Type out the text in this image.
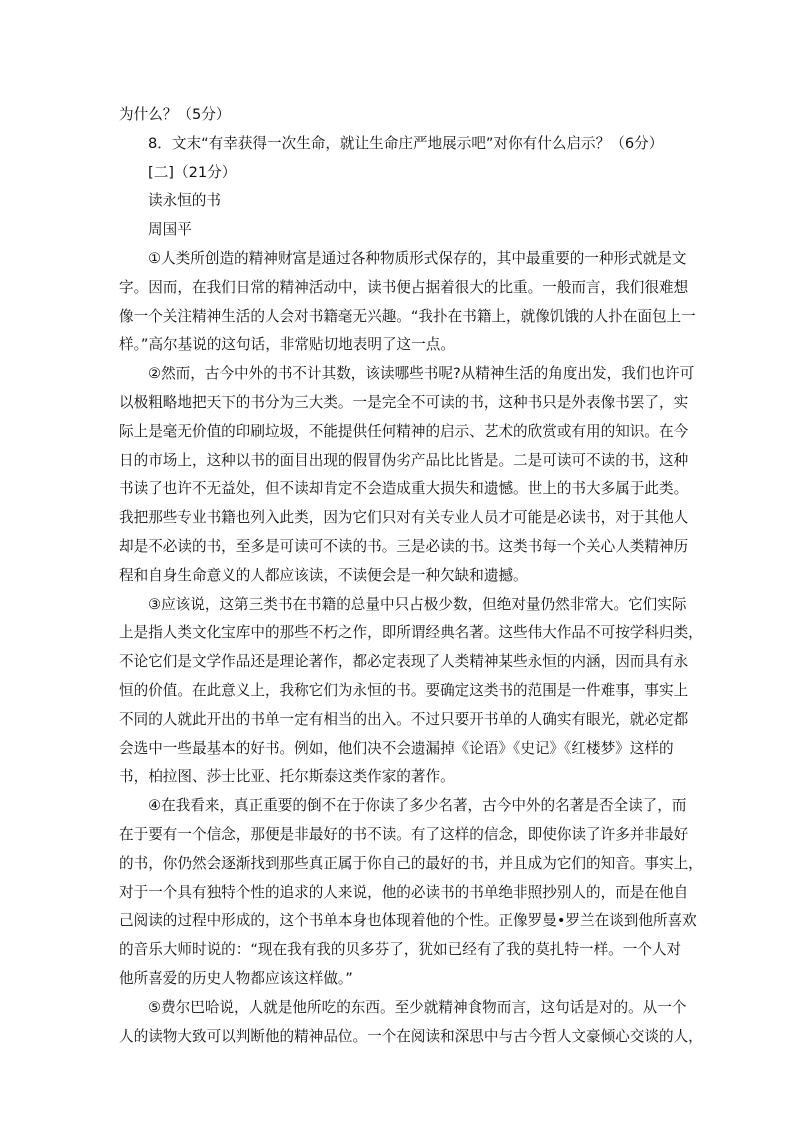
为什么？（5分）
8．文末“有幸获得一次生命，就让生命庄严地展示吧”对你有什么启示？（6分）
[二]（21分）
读永恒的书
周国平
①人类所创造的精神财富是通过各种物质形式保存的，其中最重要的一种形式就是文
字。因而，在我们日常的精神活动中，读书便占据着很大的比重。一般而言，我们很难想
像一个关注精神生活的人会对书籍毫无兴趣。“我扑在书籍上，就像饥饿的人扑在面包上一
样。”高尔基说的这句话，非常贴切地表明了这一点。
②然而，古今中外的书不计其数，该读哪些书呢?从精神生活的角度出发，我们也许可
以极粗略地把天下的书分为三大类。一是完全不可读的书，这种书只是外表像书罢了，实
际上是毫无价值的印刷垃圾，不能提供任何精神的启示、艺术的欣赏或有用的知识。在今
日的市场上，这种以书的面目出现的假冒伪劣产品比比皆是。二是可读可不读的书，这种
书读了也许不无益处，但不读却肯定不会造成重大损失和遗憾。世上的书大多属于此类。
我把那些专业书籍也列入此类，因为它们只对有关专业人员才可能是必读书，对于其他人
却是不必读的书，至多是可读可不读的书。三是必读的书。这类书每一个关心人类精神历
程和自身生命意义的人都应该读，不读便会是一种欠缺和遗撼。
③应该说，这第三类书在书籍的总量中只占极少数，但绝对量仍然非常大。它们实际
上是指人类文化宝库中的那些不朽之作，即所谓经典名著。这些伟大作品不可按学科归类，
不论它们是文学作品还是理论著作，都必定表现了人类精神某些永恒的内涵，因而具有永
恒的价值。在此意义上，我称它们为永恒的书。要确定这类书的范围是一件难事，事实上
不同的人就此开出的书单一定有相当的出入。不过只要开书单的人确实有眼光，就必定都
会选中一些最基本的好书。例如，他们决不会遗漏掉《论语》《史记》《红楼梦》这样的
书，柏拉图、莎士比亚、托尔斯泰这类作家的著作。
④在我看来，真正重要的倒不在于你读了多少名著，古今中外的名著是否全读了，而
在于要有一个信念，那便是非最好的书不读。有了这样的信念，即使你读了许多并非最好
的书，你仍然会逐渐找到那些真正属于你自己的最好的书，并且成为它们的知音。事实上，
对于一个具有独特个性的追求的人来说，他的必读书的书单绝非照抄别人的，而是在他自
己阅读的过程中形成的，这个书单本身也体现着他的个性。正像罗曼•罗兰在谈到他所喜欢
的音乐大师时说的：“现在我有我的贝多芬了，犹如已经有了我的莫扎特一样。一个人对
他所喜爱的历史人物都应该这样做。”
⑤费尔巴哈说，人就是他所吃的东西。至少就精神食物而言，这句话是对的。从一个
人的读物大致可以判断他的精神品位。一个在阅读和深思中与古今哲人文豪倾心交谈的人，
